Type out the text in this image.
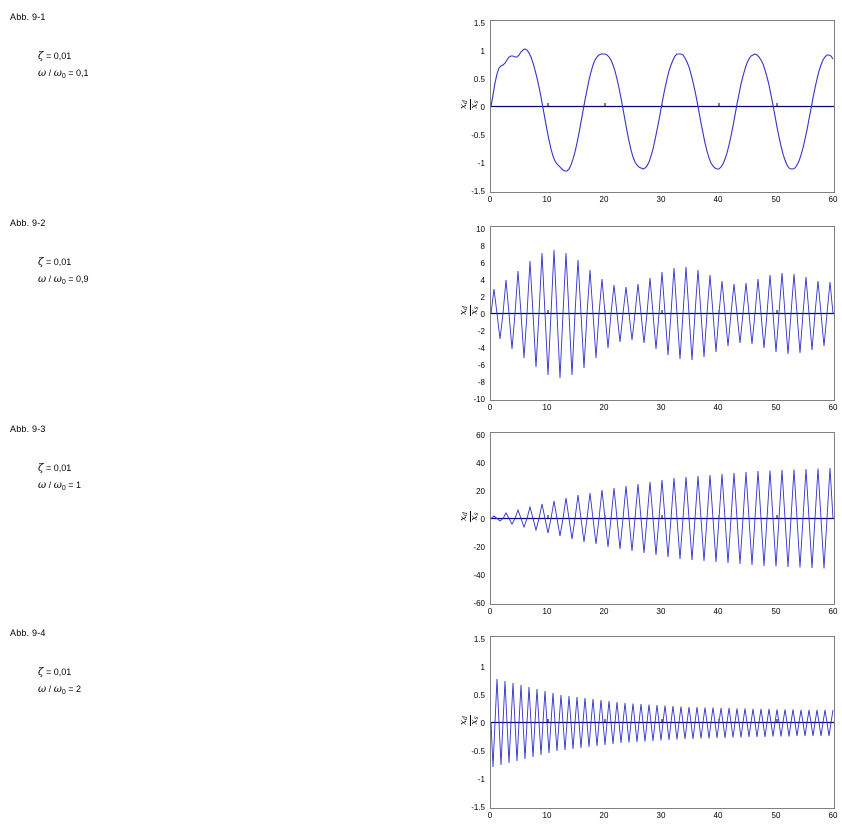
Abb. 9-1
ζ = 0,01
$\omega / \omega_0 = 0,1$
xd
xs
1.5
1
0.5
0
-0.5
-1
-1.5
0	10	20	30	40	50	60
Abb. 9-2
ζ = 0,01
$\omega / \omega_0 = 0,9$
xd
xs
10
8
6
4
2
0
-2
-4
-6
-8
-10
0	10	20	30	40	50	60
Abb. 9-3
ζ = 0,01
$\omega / \omega_0 = 1$
xd
xs
60
40
20
0
-20
-40
-60
0	10	20	30	40	50	60
Abb. 9-4
ζ = 0,01
$\omega / \omega_0 = 2$
xd
xs
1.5
1
0.5
0
-0.5
-1
-1.5
0	10	20	30	40	50	60
